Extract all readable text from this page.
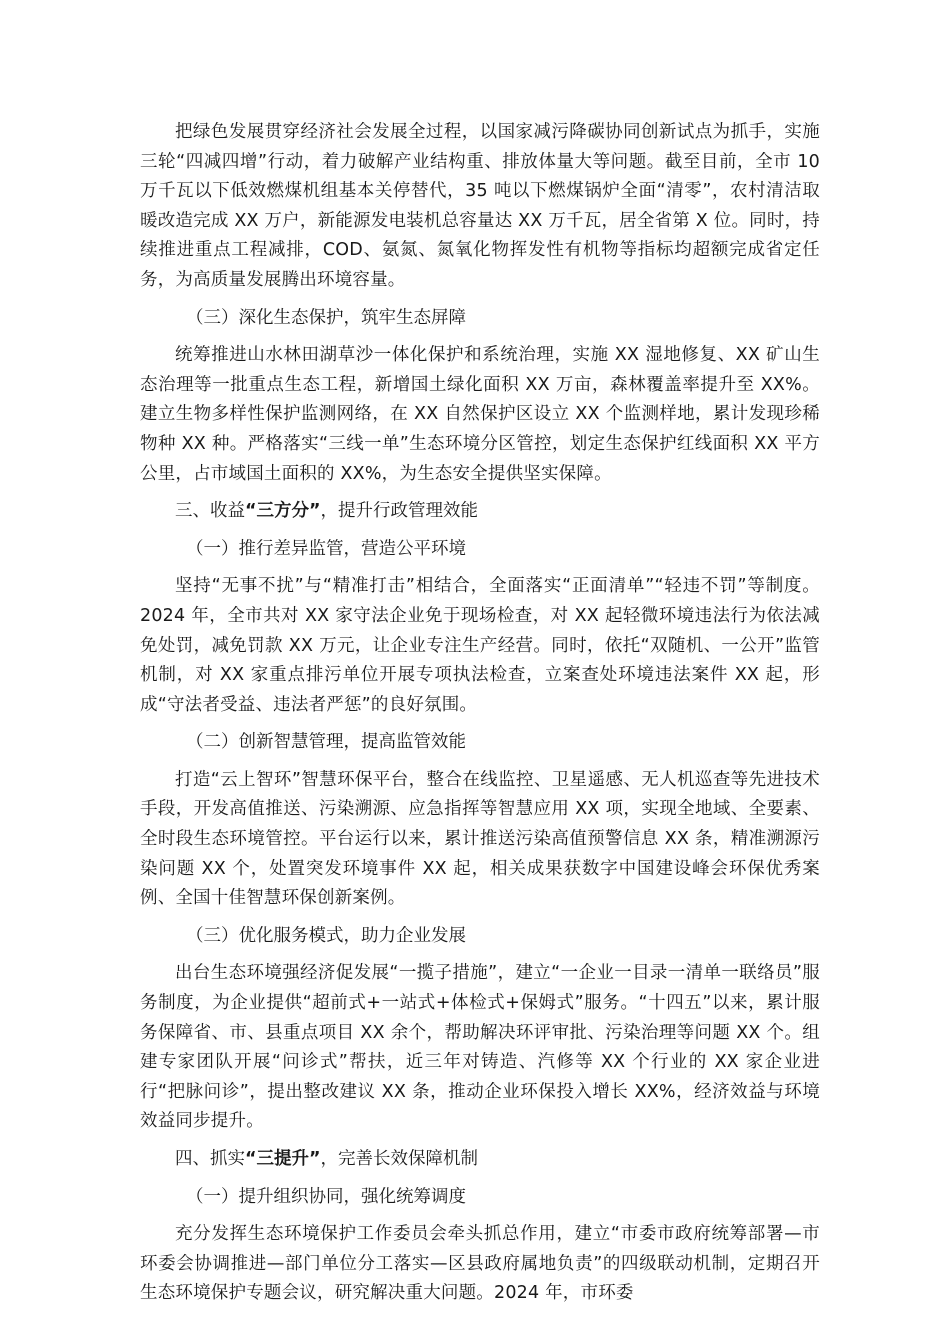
把绿色发展贯穿经济社会发展全过程，以国家减污降碳协同创新试点为抓手，实施三轮“四减四增”行动，着力破解产业结构重、排放体量大等问题。截至目前，全市 10 万千瓦以下低效燃煤机组基本关停替代，35 吨以下燃煤锅炉全面“清零”，农村清洁取暖改造完成 XX 万户，新能源发电装机总容量达 XX 万千瓦，居全省第 X 位。同时，持续推进重点工程减排，COD、氨氮、氮氧化物挥发性有机物等指标均超额完成省定任务，为高质量发展腾出环境容量。

（三）深化生态保护，筑牢生态屏障

统筹推进山水林田湖草沙一体化保护和系统治理，实施 XX 湿地修复、XX 矿山生态治理等一批重点生态工程，新增国土绿化面积 XX 万亩，森林覆盖率提升至 XX%。建立生物多样性保护监测网络，在 XX 自然保护区设立 XX 个监测样地，累计发现珍稀物种 XX 种。严格落实“三线一单”生态环境分区管控，划定生态保护红线面积 XX 平方公里，占市域国土面积的 XX%，为生态安全提供坚实保障。

三、收益“三方分”，提升行政管理效能

（一）推行差异监管，营造公平环境

坚持“无事不扰”与“精准打击”相结合，全面落实“正面清单”“轻违不罚”等制度。2024 年，全市共对 XX 家守法企业免于现场检查，对 XX 起轻微环境违法行为依法减免处罚，减免罚款 XX 万元，让企业专注生产经营。同时，依托“双随机、一公开”监管机制，对 XX 家重点排污单位开展专项执法检查，立案查处环境违法案件 XX 起，形成“守法者受益、违法者严惩”的良好氛围。

（二）创新智慧管理，提高监管效能

打造“云上智环”智慧环保平台，整合在线监控、卫星遥感、无人机巡查等先进技术手段，开发高值推送、污染溯源、应急指挥等智慧应用 XX 项，实现全地域、全要素、全时段生态环境管控。平台运行以来，累计推送污染高值预警信息 XX 条，精准溯源污染问题 XX 个，处置突发环境事件 XX 起，相关成果获数字中国建设峰会环保优秀案例、全国十佳智慧环保创新案例。

（三）优化服务模式，助力企业发展

出台生态环境强经济促发展“一揽子措施”，建立“一企业一目录一清单一联络员”服务制度，为企业提供“超前式+一站式+体检式+保姆式”服务。“十四五”以来，累计服务保障省、市、县重点项目 XX 余个，帮助解决环评审批、污染治理等问题 XX 个。组建专家团队开展“问诊式”帮扶，近三年对铸造、汽修等 XX 个行业的 XX 家企业进行“把脉问诊”，提出整改建议 XX 条，推动企业环保投入增长 XX%，经济效益与环境效益同步提升。

四、抓实“三提升”，完善长效保障机制

（一）提升组织协同，强化统筹调度

充分发挥生态环境保护工作委员会牵头抓总作用，建立“市委市政府统筹部署—市环委会协调推进—部门单位分工落实—区县政府属地负责”的四级联动机制，定期召开生态环境保护专题会议，研究解决重大问题。2024 年，市环委
